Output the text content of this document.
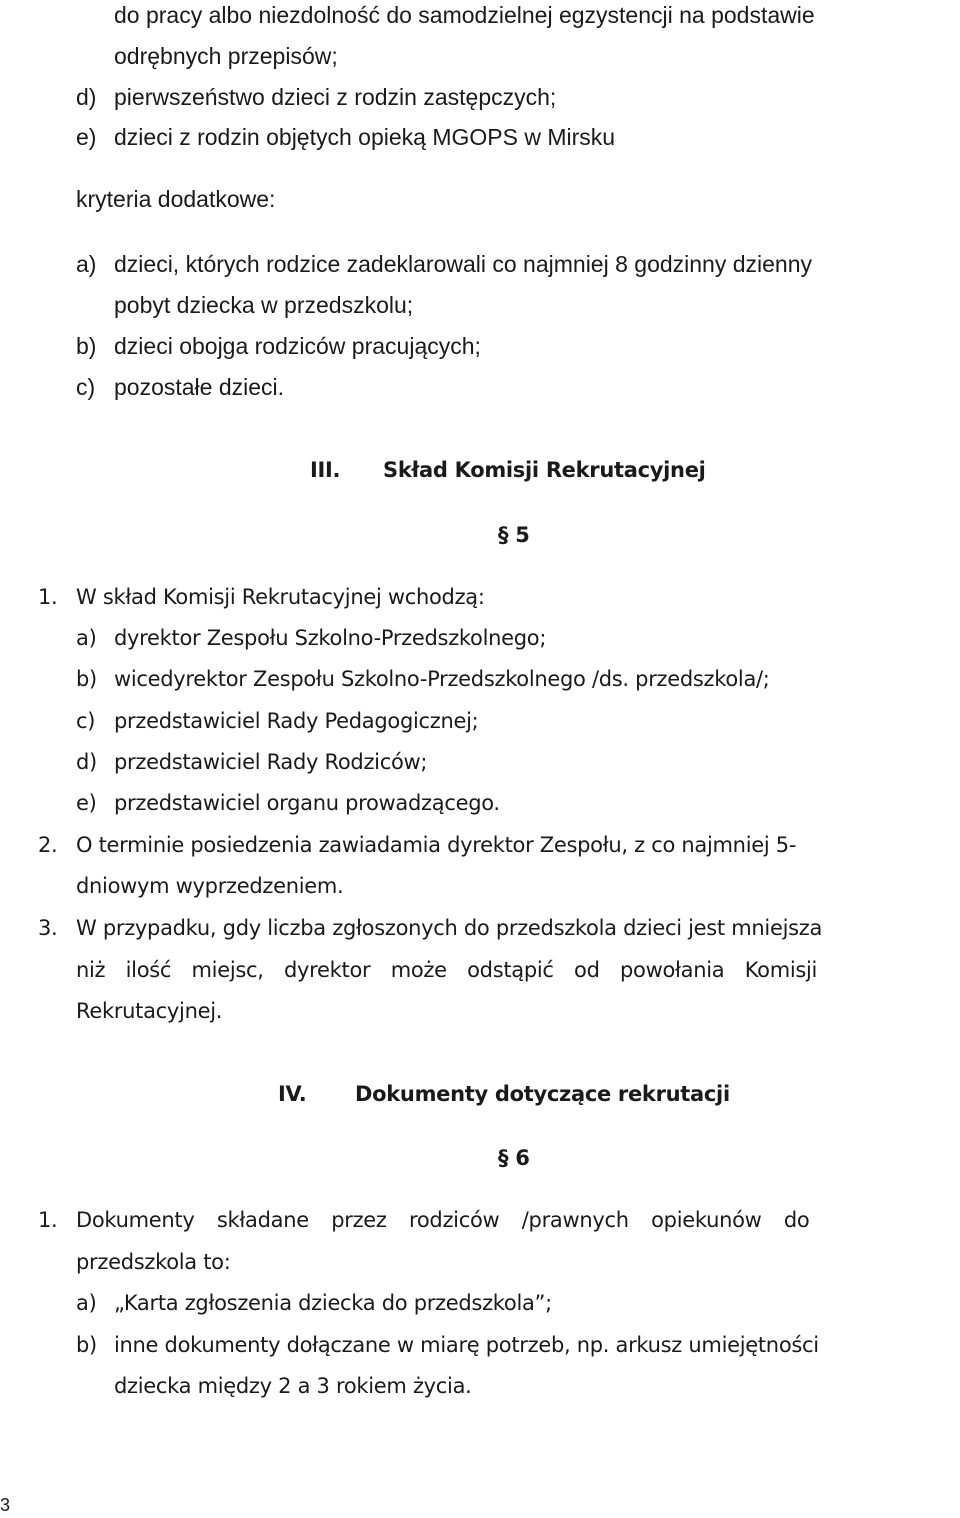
do pracy albo niezdolność do samodzielnej egzystencji na podstawie
odrębnych przepisów;
d) pierwszeństwo dzieci z rodzin zastępczych;
e) dzieci z rodzin objętych opieką MGOPS w Mirsku
kryteria dodatkowe:
a) dzieci, których rodzice zadeklarowali co najmniej 8 godzinny dzienny
pobyt dziecka w przedszkolu;
b) dzieci obojga rodziców pracujących;
c) pozostałe dzieci.
III. Skład Komisji Rekrutacyjnej
§ 5
1. W skład Komisji Rekrutacyjnej wchodzą:
a) dyrektor Zespołu Szkolno-Przedszkolnego;
b) wicedyrektor Zespołu Szkolno-Przedszkolnego /ds. przedszkola/;
c) przedstawiciel Rady Pedagogicznej;
d) przedstawiciel Rady Rodziców;
e) przedstawiciel organu prowadzącego.
2. O terminie posiedzenia zawiadamia dyrektor Zespołu, z co najmniej 5-
dniowym wyprzedzeniem.
3. W przypadku, gdy liczba zgłoszonych do przedszkola dzieci jest mniejsza
niż ilość miejsc, dyrektor może odstąpić od powołania Komisji
Rekrutacyjnej.
IV. Dokumenty dotyczące rekrutacji
§ 6
1. Dokumenty składane przez rodziców /prawnych opiekunów do
przedszkola to:
a) „Karta zgłoszenia dziecka do przedszkola”;
b) inne dokumenty dołączane w miarę potrzeb, np. arkusz umiejętności
dziecka między 2 a 3 rokiem życia.
3
